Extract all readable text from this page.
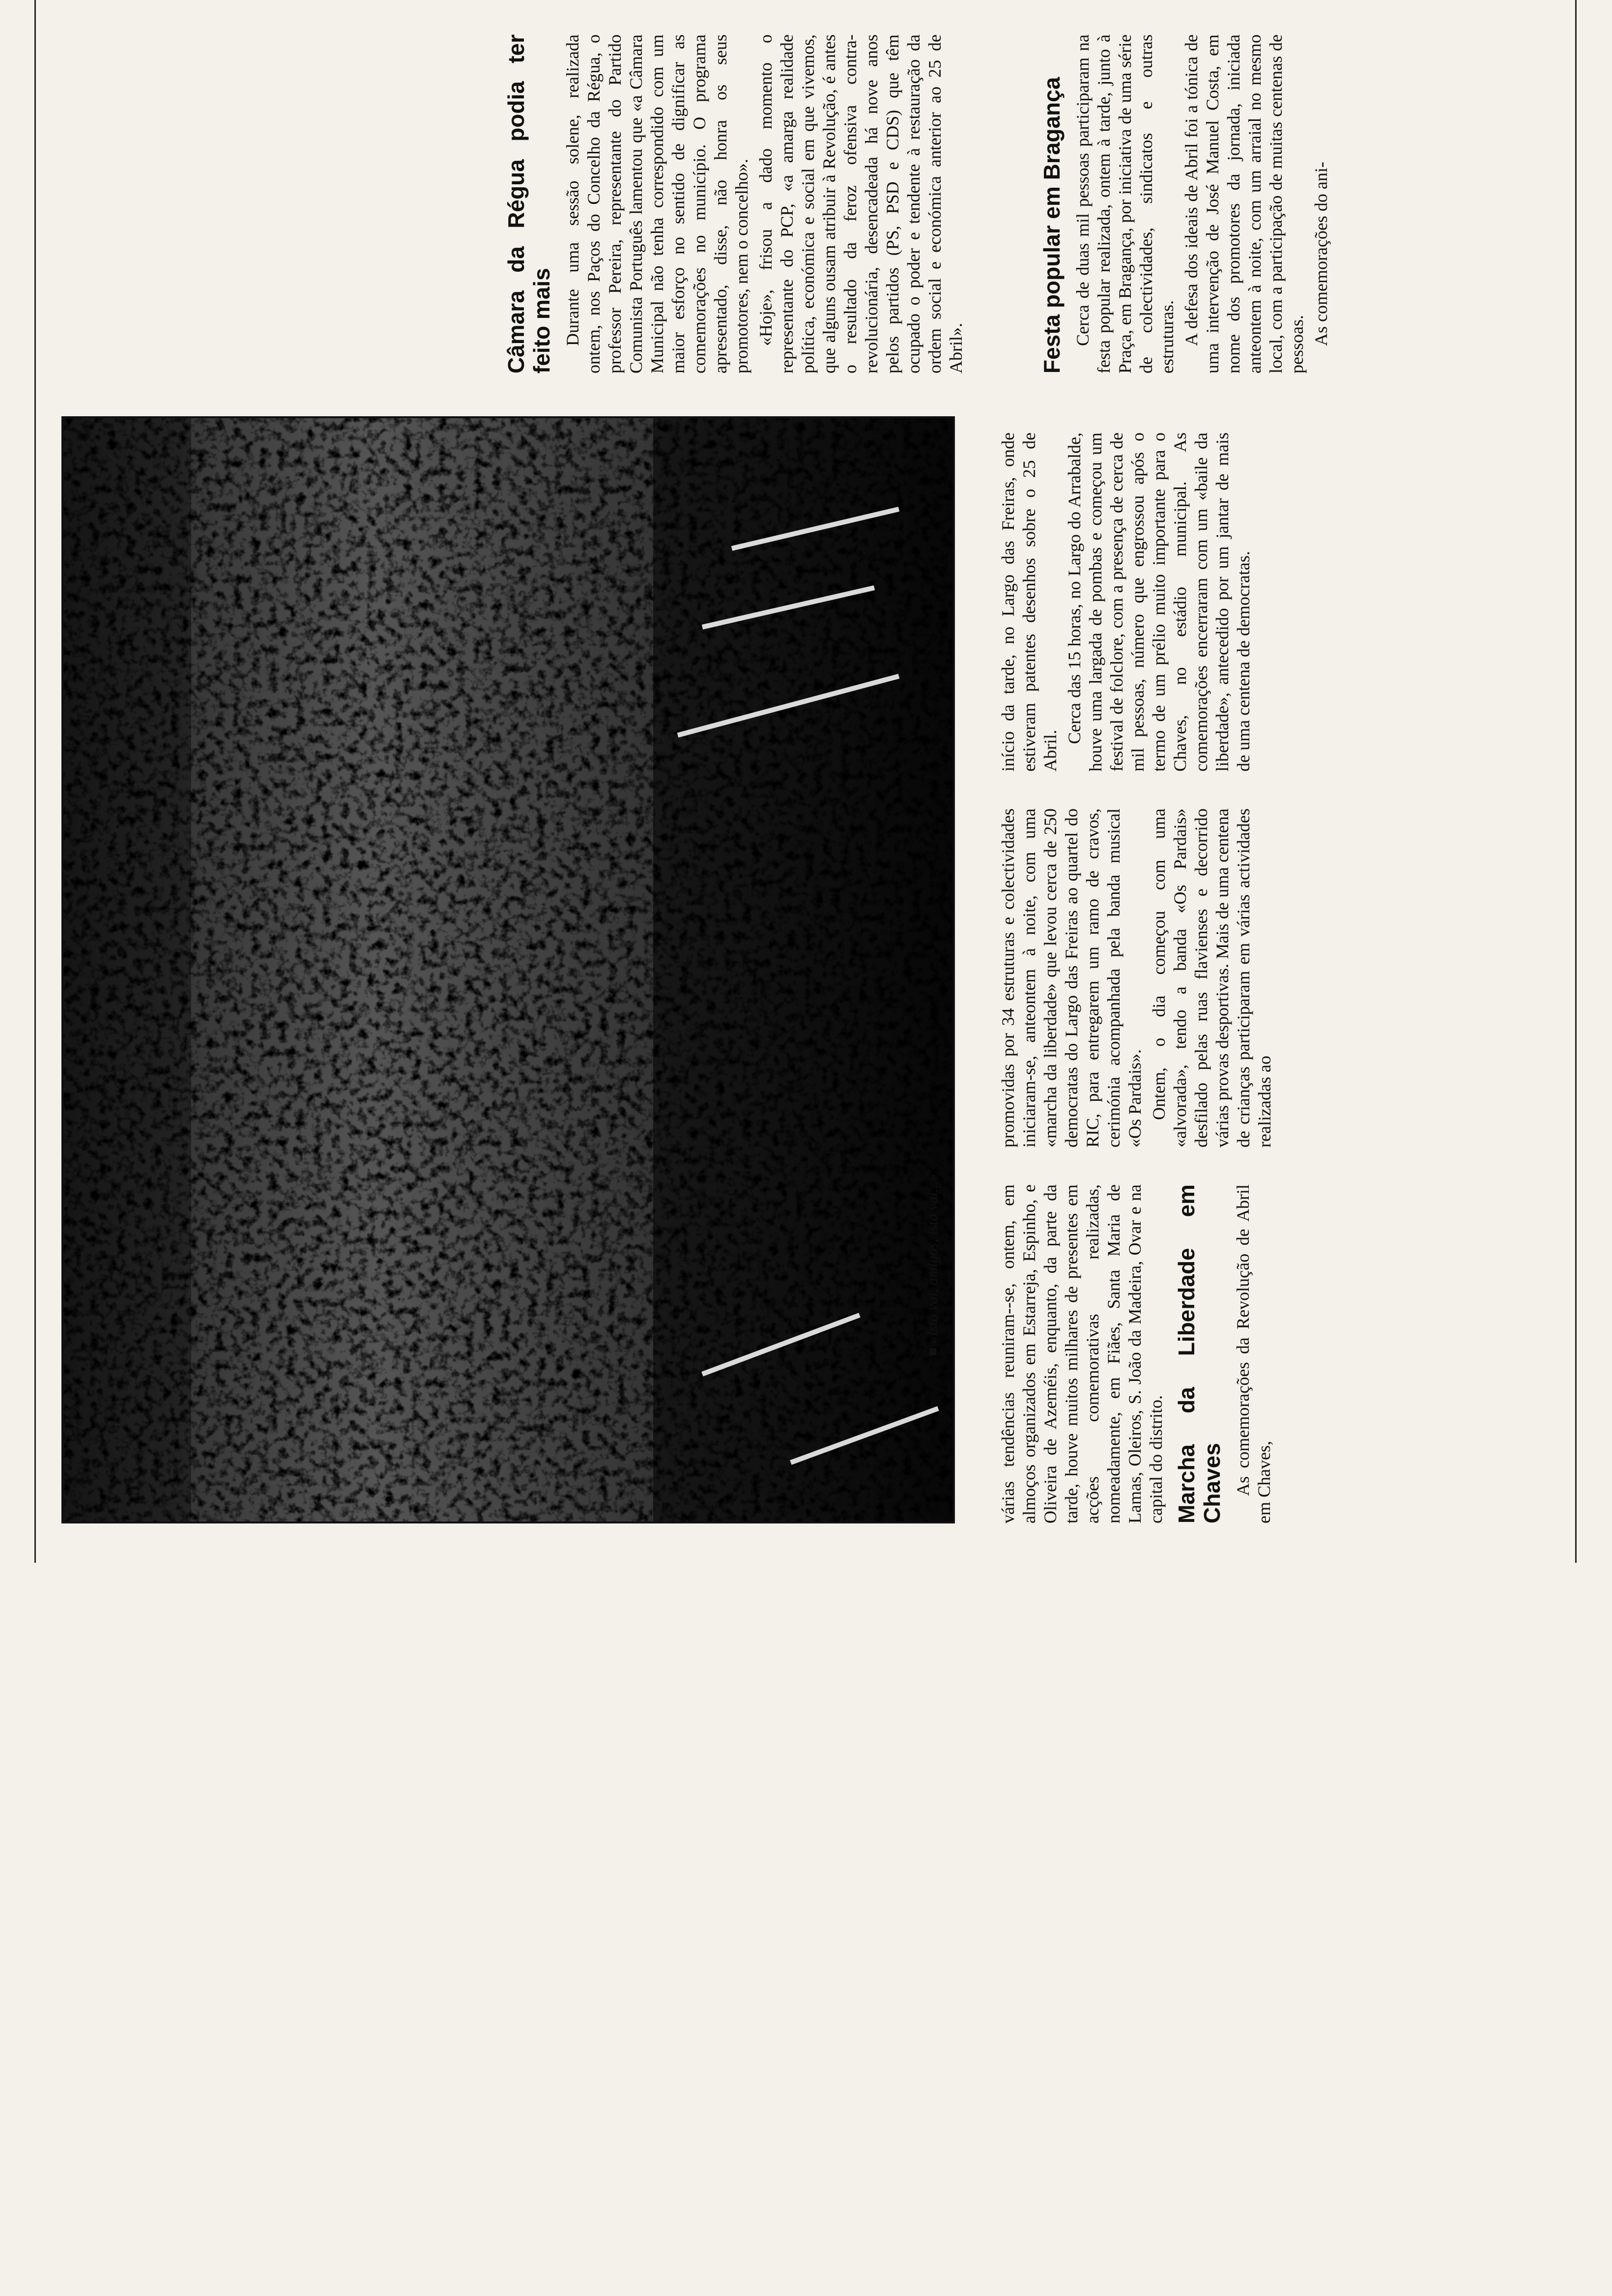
■ «Isto vai, amigos, isto vai...»	várias tendências reuniram--se, ontem, em almoços organizados em Estarreja, Espinho, e Oliveira de Azeméis, enquanto, da parte da tarde, houve muitos milhares de presentes em acções comemorativas realizadas, nomeadamente, em Fiães, Santa Maria de Lamas, Oleiros, S. João da Madeira, Ovar e na capital do distrito. Marcha da Liberdade em Chaves As comemorações da Revolução de Abril em Chaves,

promovidas por 34 estruturas e colectividades iniciaram-se, anteontem à noite, com uma «marcha da liberdade» que levou cerca de 250 democratas do Largo das Freiras ao quartel do RIC, para entregarem um ramo de cravos, cerimónia acompanhada pela banda musical «Os Pardais». Ontem, o dia começou com uma «alvorada», tendo a banda «Os Pardais» desfilado pelas ruas flavienses e decorrido várias provas desportivas. Mais de uma centena de crianças participaram em várias actividades realizadas ao

início da tarde, no Largo das Freiras, onde estiveram patentes desenhos sobre o 25 de Abril.

Cerca das 15 horas, no Largo do Arrabalde, houve uma largada de pombas e começou um festival de folclore, com a presença de cerca de mil pessoas, número que engrossou após o termo de um prélio muito importante para o Chaves, no estádio municipal. As comemorações encerraram com um «baile da liberdade», antecedido por um jantar de mais de uma centena de democratas.

Câmara da Régua podia ter feito mais Durante uma sessão solene, realizada ontem, nos Paços do Concelho da Régua, o professor Pereira, representante do Partido Comunista Português lamentou que «a Câmara Municipal não tenha correspondido com um maior esforço no sentido de dignificar as comemorações no município. O programa apresentado, disse, não honra os seus promotores, nem o concelho». «Hoje», frisou a dado momento o representante do PCP, «a amarga realidade política, económica e social em que vivemos, que alguns ousam atribuir à Revolução, é antes o resultado da feroz ofensiva contra-revolucionária, desencadeada há nove anos pelos partidos (PS, PSD e CDS) que têm ocupado o poder e tendente à restauração da ordem social e económica anterior ao 25 de Abril».	Festa popular em Bragança Cerca de duas mil pessoas participaram na festa popular realizada, ontem à tarde, junto à Praça, em Bragança, por iniciativa de uma série de colectividades, sindicatos e outras estruturas. A defesa dos ideais de Abril foi a tónica de uma intervenção de José Manuel Costa, em nome dos promotores da jornada, iniciada anteontem à noite, com um arraial no mesmo local, com a participação de muitas centenas de pessoas. As comemorações do ani-
